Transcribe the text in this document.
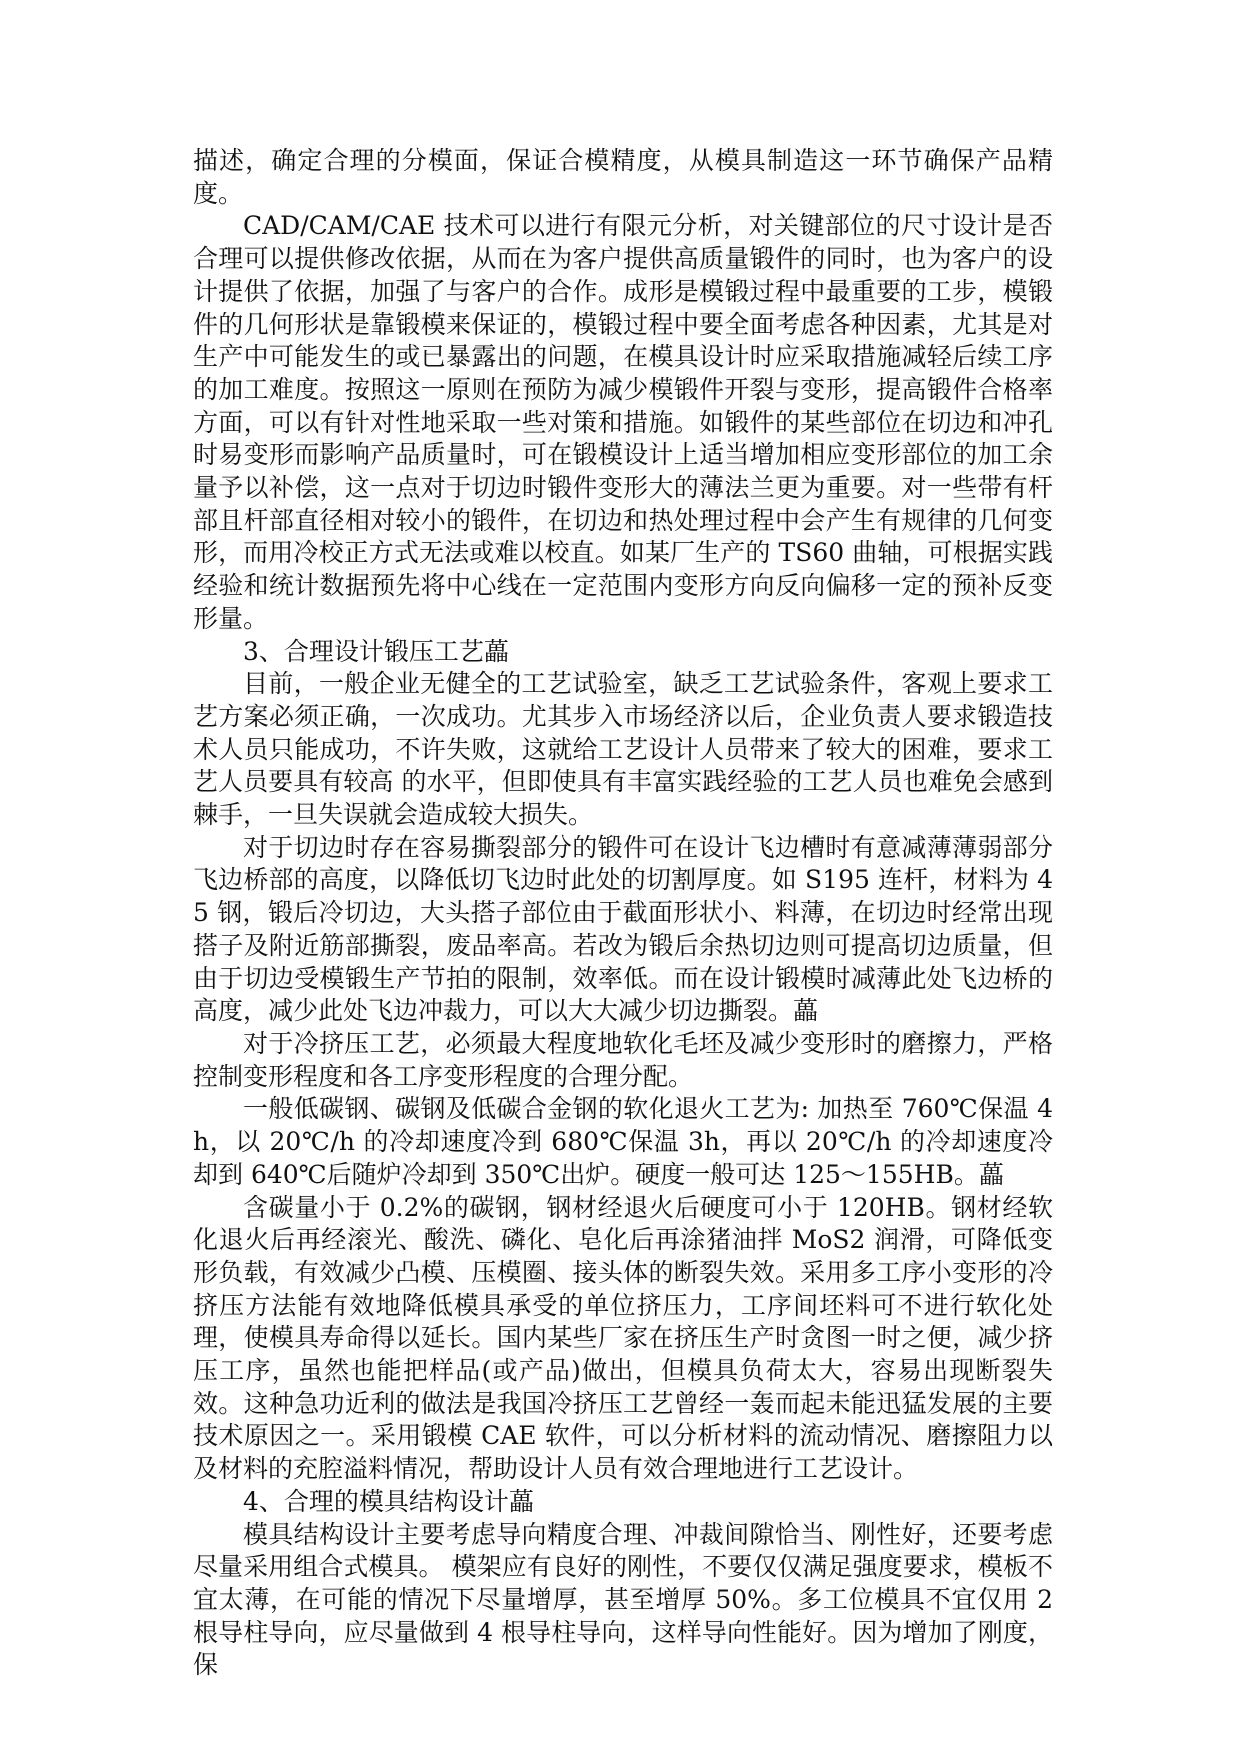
描述，确定合理的分模面，保证合模精度，从模具制造这一环节确保产品精度。

CAD/CAM/CAE 技术可以进行有限元分析，对关键部位的尺寸设计是否合理可以提供修改依据，从而在为客户提供高质量锻件的同时，也为客户的设计提供了依据，加强了与客户的合作。成形是模锻过程中最重要的工步，模锻件的几何形状是靠锻模来保证的，模锻过程中要全面考虑各种因素，尤其是对生产中可能发生的或已暴露出的问题，在模具设计时应采取措施减轻后续工序的加工难度。按照这一原则在预防为减少模锻件开裂与变形，提高锻件合格率方面，可以有针对性地采取一些对策和措施。如锻件的某些部位在切边和冲孔时易变形而影响产品质量时，可在锻模设计上适当增加相应变形部位的加工余量予以补偿，这一点对于切边时锻件变形大的薄法兰更为重要。对一些带有杆部且杆部直径相对较小的锻件，在切边和热处理过程中会产生有规律的几何变形，而用冷校正方式无法或难以校直。如某厂生产的 TS60 曲轴，可根据实践经验和统计数据预先将中心线在一定范围内变形方向反向偏移一定的预补反变形量。

3、合理设计锻压工艺﻿藟

目前，一般企业无健全的工艺试验室，缺乏工艺试验条件，客观上要求工艺方案必须正确，一次成功。尤其步入市场经济以后，企业负责人要求锻造技术人员只能成功，不许失败，这就给工艺设计人员带来了较大的困难，要求工艺人员要具有较高 的水平，但即使具有丰富实践经验的工艺人员也难免会感到棘手，一旦失误就会造成较大损失。

对于切边时存在容易撕裂部分的锻件可在设计飞边槽时有意减薄薄弱部分飞边桥部的高度，以降低切飞边时此处的切割厚度。如 S195 连杆，材料为 45 钢，锻后冷切边，大头搭子部位由于截面形状小、料薄，在切边时经常出现搭子及附近筋部撕裂，废品率高。若改为锻后余热切边则可提高切边质量，但由于切边受模锻生产节拍的限制，效率低。而在设计锻模时减薄此处飞边桥的高度，减少此处飞边冲裁力，可以大大减少切边撕裂。藟

对于冷挤压工艺，必须最大程度地软化毛坯及减少变形时的磨擦力，严格控制变形程度和各工序变形程度的合理分配。

一般低碳钢、碳钢及低碳合金钢的软化退火工艺为: 加热至 760℃保温 4h，以 20℃/h 的冷却速度冷到 680℃保温 3h，再以 20℃/h 的冷却速度冷却到 640℃后随炉冷却到 350℃出炉。硬度一般可达 125～155HB。藟

含碳量小于 0.2%的碳钢，钢材经退火后硬度可小于 120HB。钢材经软化退火后再经滚光、酸洗、磷化、皂化后再涂猪油拌 MoS﻿2 润滑，可降低变形负载，有效减少凸模、压模圈、接头体的断裂失效。采用多工序小变形的冷挤压方法能有效地降低模具承受的单位挤压力，工序间坯料可不进行软化处理，使模具寿命得以延长。国内某些厂家在挤压生产时贪图一时之便，减少挤压工序，虽然也能把样品(或产品)做出，但模具负荷太大，容易出现断裂失效。这种急功近利的做法是我国冷挤压工艺曾经一轰而起未能迅猛发展的主要技术原因之一。采用锻模 CAE 软件，可以分析材料的流动情况、磨擦阻力以及材料的充腔溢料情况，帮助设计人员有效合理地进行工艺设计。

4、合理的模具结构设计藟

模具结构设计主要考虑导向精度合理、冲裁间隙恰当、刚性好，还要考虑尽量采用组合式模具。 模架应有良好的刚性，不要仅仅满足强度要求，模板不宜太薄，在可能的情况下尽量增厚，甚至增厚 50%。多工位模具不宜仅用 2 根导柱导向，应尽量做到 4 根导柱导向，这样导向性能好。因为增加了刚度，保
